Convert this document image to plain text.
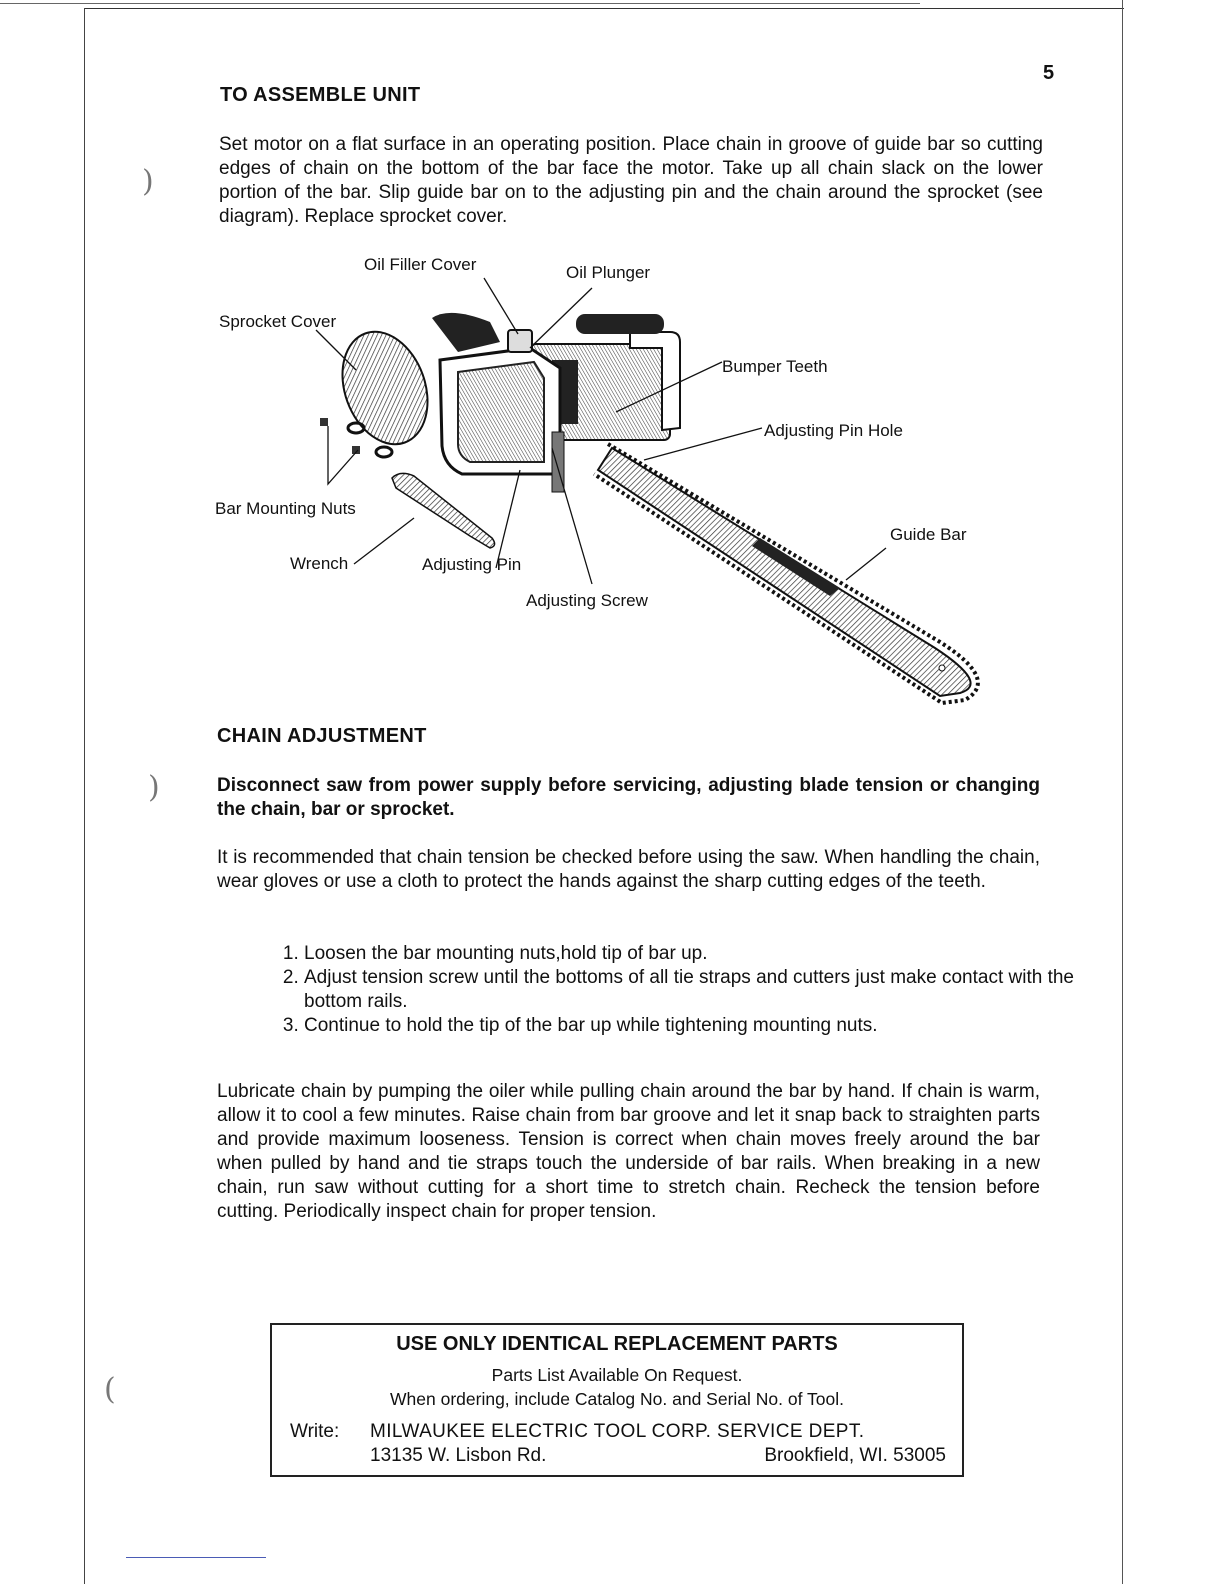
)
)
(
5
TO ASSEMBLE UNIT
Set motor on a flat surface in an operating position. Place chain in groove of guide bar so cutting edges of chain on the bottom of the bar face the motor. Take up all chain slack on the lower portion of the bar. Slip guide bar on to the adjusting pin and the chain around the sprocket (see diagram). Replace sprocket cover.
Oil Filler Cover	Oil Plunger
Sprocket Cover
Bumper Teeth
Adjusting Pin Hole
Bar Mounting Nuts
Guide Bar
Wrench	Adjusting Pin
Adjusting Screw
CHAIN ADJUSTMENT
Disconnect saw from power supply before servicing, adjusting blade tension or changing the chain, bar or sprocket.
It is recommended that chain tension be checked before using the saw. When handling the chain, wear gloves or use a cloth to protect the hands against the sharp cutting edges of the teeth.
1. Loosen the bar mounting nuts,hold tip of bar up.
2. Adjust tension screw until the bottoms of all tie straps and cutters just make contact with the bottom rails.
3. Continue to hold the tip of the bar up while tightening mounting nuts.
Lubricate chain by pumping the oiler while pulling chain around the bar by hand. If chain is warm, allow it to cool a few minutes. Raise chain from bar groove and let it snap back to straighten parts and provide maximum looseness. Tension is correct when chain moves freely around the bar when pulled by hand and tie straps touch the underside of bar rails. When breaking in a new chain, run saw without cutting for a short time to stretch chain. Recheck the tension before cutting. Periodically inspect chain for proper tension.
USE ONLY IDENTICAL REPLACEMENT PARTS
Parts List Available On Request.
When ordering, include Catalog No. and Serial No. of Tool.
Write: MILWAUKEE ELECTRIC TOOL CORP. SERVICE DEPT.
13135 W. Lisbon Rd.	Brookfield, WI. 53005
